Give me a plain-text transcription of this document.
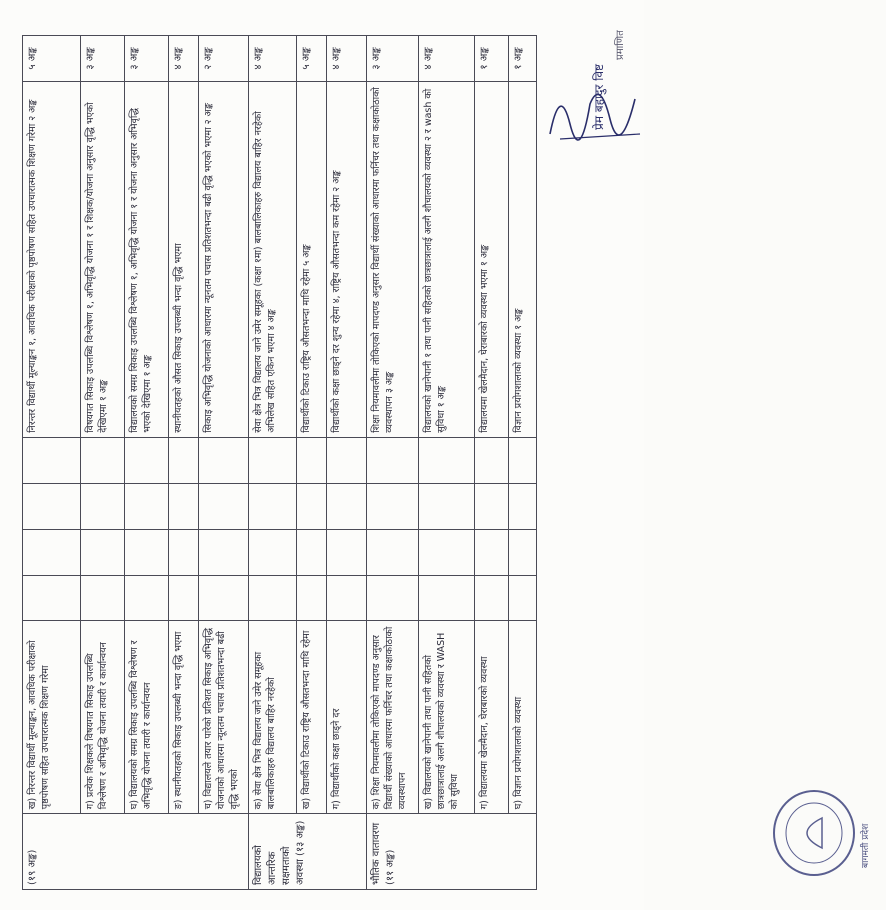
(१९ अङ्क)	ख) निरन्तर विद्यार्थी मूल्याङ्कन, आवधिक परीक्षाको पृष्ठपोषण सहित उपचारात्मक शिक्षण गरेमा					निरन्तर विद्यार्थी मूल्याङ्कन १, आवधिक परीक्षाको पृष्ठपोषण सहित उपचारात्मक शिक्षण गरेमा २ अङ्क	५ अङ्क
	ग) प्रत्येक शिक्षकले विषयगत सिकाइ उपलब्धि विश्लेषण र अभिवृद्धि योजना तयारी र कार्यान्वयन					विषयगत सिकाइ उपलब्धि विश्लेषण १, अभिवृद्धि योजना १ र शिक्षक/योजना अनुसार वृद्धि भएको देखिएमा १ अङ्क	३ अङ्क
	घ) विद्यालयको समग्र सिकाइ उपलब्धि विश्लेषण र अभिवृद्धि योजना तयारी र कार्यान्वयन					विद्यालयको समग्र सिकाइ उपलब्धि विश्लेषण १, अभिवृद्धि योजना १ र योजना अनुसार अभिवृद्धि भएको देखिएमा १ अङ्क	३ अङ्क
	ङ) स्थानीयतहको सिकाइ उपलब्धी भन्दा वृद्धि भएमा					स्थानीयतहको औसत सिकाइ उपलब्धी भन्दा वृद्धि भएमा	४ अङ्क
	च) विद्यालयले तयार पारेको प्रतिशत सिकाइ अभिवृद्धि योजनाको आधारमा न्यूनतम पचास प्रतिशतभन्दा बढी वृद्धि भएको					सिकाइ अभिवृद्धि योजनाको आधारमा न्यूनतम पचास प्रतिशतभन्दा बढी वृद्धि भएको भएमा २ अङ्क	२ अङ्क
विद्यालयको आन्तरिक सक्षमताको अवस्था (१३ अङ्क)	क) सेवा क्षेत्र भित्र विद्यालय जाने उमेर समूहका बालबालिकाहरु विद्यालय बाहिर नरहेको					सेवा क्षेत्र भित्र विद्यालय जाने उमेर समूहका (कक्षा १मा) बालबालिकाहरु विद्यालय बाहिर नरहेको अभिलेख सहित एकिन भएमा ४ अङ्क	४ अङ्क
	ख) विद्यार्थीको टिकाउ राष्ट्रिय औसतभन्दा माथि रहेमा					विद्यार्थीको टिकाउ राष्ट्रिय औसतभन्दा माथि रहेमा ५ अङ्क	५ अङ्क
	ग) विद्यार्थीको कक्षा छाड्ने दर					विद्यार्थीको कक्षा छाड्ने दर शुन्य रहेमा ४, राष्ट्रिय औसतभन्दा कम रहेमा २ अङ्क	४ अङ्क
भौतिक वातावरण (११ अङ्क)	क) शिक्षा नियमावलीमा तोकिएको मापदण्ड अनुसार विद्यार्थी संख्याको आधारमा फर्निचर तथा कक्षाकोठाको व्यवस्थापन					शिक्षा नियमावलीमा तोकिएको मापदण्ड अनुसार विद्यार्थी संख्याको आधारमा फर्निचर तथा कक्षाकोठाको व्यवस्थापन ३ अङ्क	३ अङ्क
	ख) विद्यालयको खानेपानी तथा पानी सहितको छात्रछात्रालाई अलगै शौचालयको व्यवस्था र WASH को सुविधा					विद्यालयको खानेपानी १ तथा पानी सहितको छात्रछात्रालाई अलगै शौचालयको व्यवस्था २ र wash को सुविधा १ अङ्क	४ अङ्क
	ग) विद्यालयमा खेलमैदान, घेराबारको व्यवस्था					विद्यालयमा खेलमैदान, घेराबारको व्यवस्था भएमा १ अङ्क	१ अङ्क
	घ) विज्ञान प्रयोगशालाको व्यवस्था					विज्ञान प्रयोगशालाको व्यवस्था १ अङ्क	१ अङ्क
बागमती प्रदेश
प्रेम बहादुर विष्ट
प्रमाणित
